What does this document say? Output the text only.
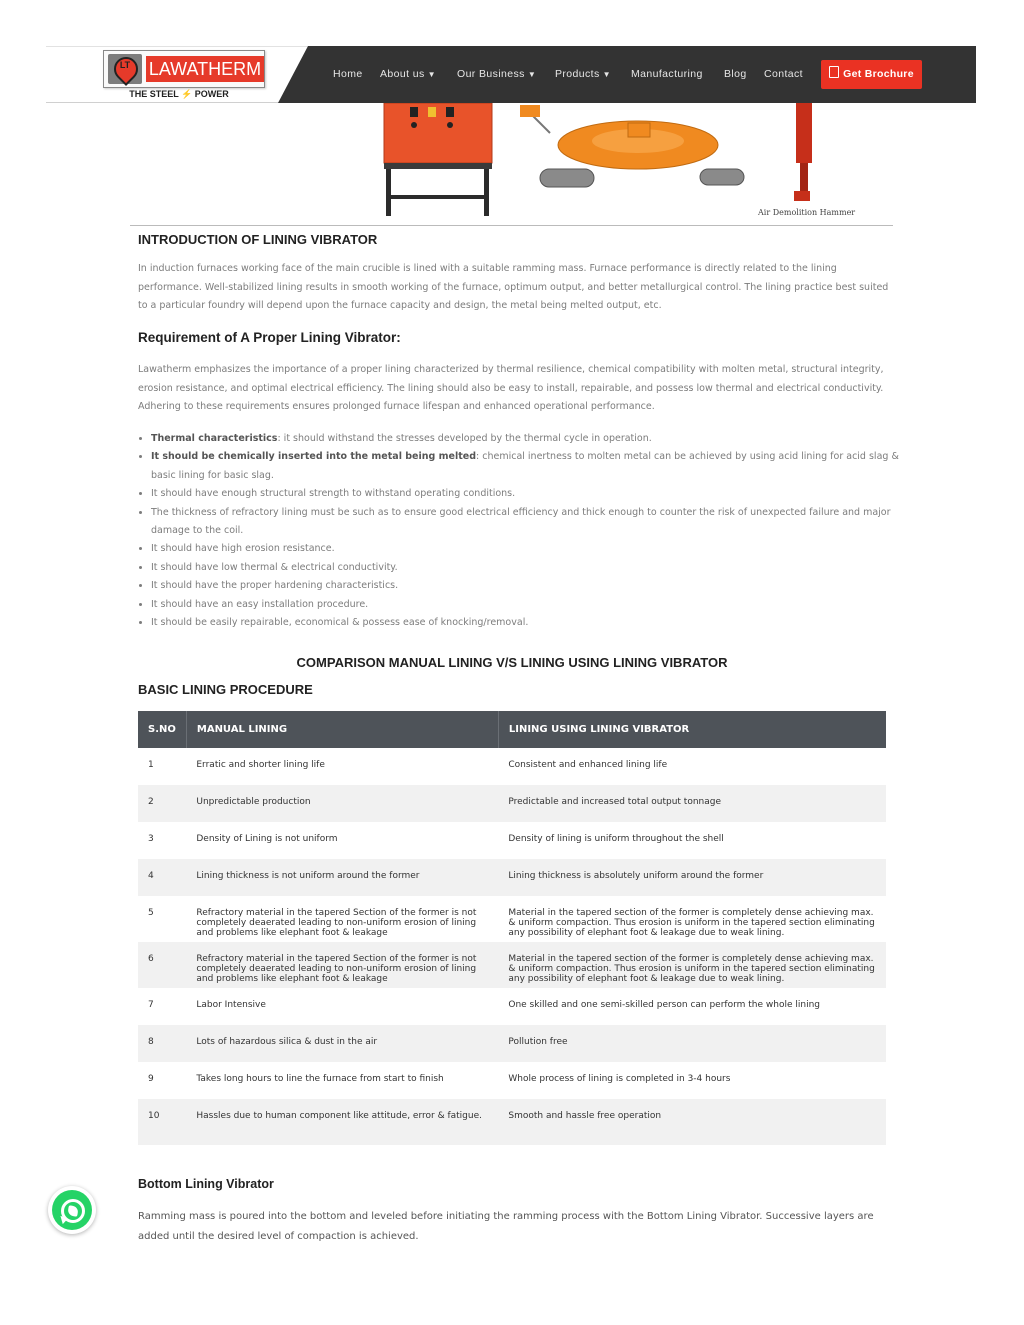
LT	LAWATHERM
THE STEEL ⚡ POWER
Home About us ▼ Our Business ▼ Products ▼ Manufacturing Blog Contact	Get Brochure
Air Demolition Hammer
INTRODUCTION OF LINING VIBRATOR
In induction furnaces working face of the main crucible is lined with a suitable ramming mass. Furnace performance is directly related to the lining performance. Well-stabilized lining results in smooth working of the furnace, optimum output, and better metallurgical control. The lining practice best suited to a particular foundry will depend upon the furnace capacity and design, the metal being melted output, etc.
Requirement of A Proper Lining Vibrator:
Lawatherm emphasizes the importance of a proper lining characterized by thermal resilience, chemical compatibility with molten metal, structural integrity, erosion resistance, and optimal electrical efficiency. The lining should also be easy to install, repairable, and possess low thermal and electrical conductivity. Adhering to these requirements ensures prolonged furnace lifespan and enhanced operational performance.
• Thermal characteristics: it should withstand the stresses developed by the thermal cycle in operation.
• It should be chemically inserted into the metal being melted: chemical inertness to molten metal can be achieved by using acid lining for acid slag & basic lining for basic slag.
• It should have enough structural strength to withstand operating conditions.
• The thickness of refractory lining must be such as to ensure good electrical efficiency and thick enough to counter the risk of unexpected failure and major damage to the coil.
• It should have high erosion resistance.
• It should have low thermal & electrical conductivity.
• It should have the proper hardening characteristics.
• It should have an easy installation procedure.
• It should be easily repairable, economical & possess ease of knocking/removal.
COMPARISON MANUAL LINING V/S LINING USING LINING VIBRATOR
BASIC LINING PROCEDURE
S.NO	MANUAL LINING	LINING USING LINING VIBRATOR
1	Erratic and shorter lining life	Consistent and enhanced lining life
2	Unpredictable production	Predictable and increased total output tonnage
3	Density of Lining is not uniform	Density of lining is uniform throughout the shell
4	Lining thickness is not uniform around the former	Lining thickness is absolutely uniform around the former
5	Refractory material in the tapered Section of the former is not completely deaerated leading to non-uniform erosion of lining and problems like elephant foot & leakage	Material in the tapered section of the former is completely dense achieving max. & uniform compaction. Thus erosion is uniform in the tapered section eliminating any possibility of elephant foot & leakage due to weak lining.
6	Refractory material in the tapered Section of the former is not completely deaerated leading to non-uniform erosion of lining and problems like elephant foot & leakage	Material in the tapered section of the former is completely dense achieving max. & uniform compaction. Thus erosion is uniform in the tapered section eliminating any possibility of elephant foot & leakage due to weak lining.
7	Labor Intensive	One skilled and one semi-skilled person can perform the whole lining
8	Lots of hazardous silica & dust in the air	Pollution free
9	Takes long hours to line the furnace from start to finish	Whole process of lining is completed in 3-4 hours
10	Hassles due to human component like attitude, error & fatigue.	Smooth and hassle free operation
Bottom Lining Vibrator
Ramming mass is poured into the bottom and leveled before initiating the ramming process with the Bottom Lining Vibrator. Successive layers are added until the desired level of compaction is achieved.
